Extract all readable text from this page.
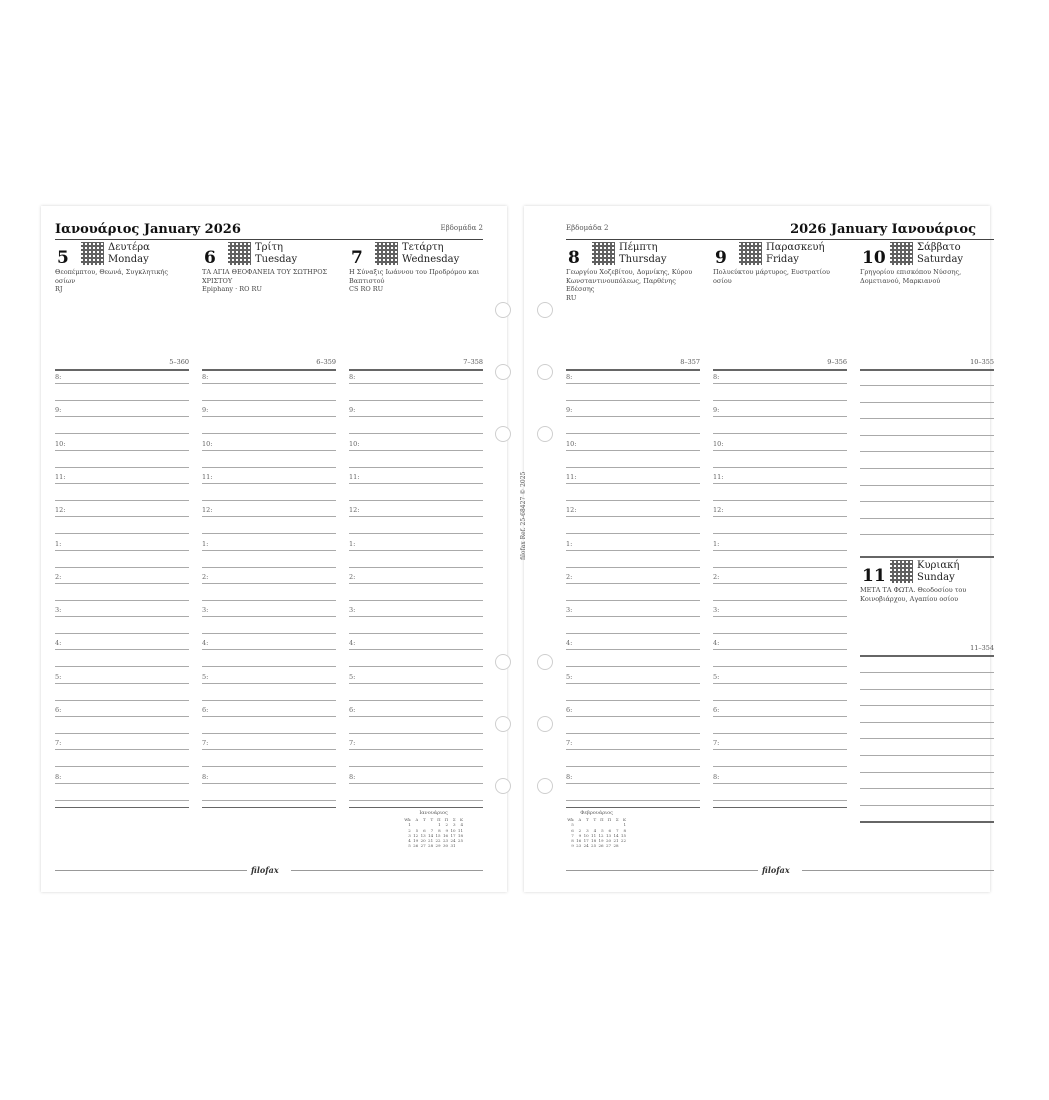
Ιανουάριος January 2026	Εβδομάδα 2
5
Δευτέρα
Monday
Θεοπέμπτου, Θεωνά, Συγκλητικής οσίων
RJ
5–360
8:
9:
10:
11:
12:
1:
2:
3:
4:
5:
6:
7:
8:
6
Τρίτη
Tuesday
ΤΑ ΑΓΙΑ ΘΕΟΦΑΝΕΙΑ ΤΟΥ ΣΩΤΗΡΟΣ ΧΡΙΣΤΟΥ
Epiphany · RO RU
6–359
8:
9:
10:
11:
12:
1:
2:
3:
4:
5:
6:
7:
8:
7
Τετάρτη
Wednesday
Η Σύναξις Ιωάννου του Προδρόμου και Βαπτιστού
CS RO RU
7–358
8:
9:
10:
11:
12:
1:
2:
3:
4:
5:
6:
7:
8:
Ιανουάριος
Wk	Δ	Τ	Τ	Π	Π	Σ	Κ
1				1	2	3	4
2	5	6	7	8	9	10	11
3	12	13	14	15	16	17	18
4	19	20	21	22	23	24	25
5	26	27	28	29	30	31	
filofax
Εβδομάδα 2	2026 January Ιανουάριος
8
Πέμπτη
Thursday
Γεωργίου Χοζεβίτου, Δομνίκης, Κύρου Κωνσταντινουπόλεως, Παρθένης Εδέσσης
RU
8–357
8:
9:
10:
11:
12:
1:
2:
3:
4:
5:
6:
7:
8:
9
Παρασκευή
Friday
Πολυεύκτου μάρτυρος, Ευστρατίου οσίου
9–356
8:
9:
10:
11:
12:
1:
2:
3:
4:
5:
6:
7:
8:
10
Σάββατο
Saturday
Γρηγορίου επισκόπου Νύσσης, Δομετιανού, Μαρκιανού
10–355
11
Κυριακή
Sunday
ΜΕΤΑ ΤΑ ΦΩΤΑ. Θεοδοσίου του Κοινοβιάρχου, Αγαπίου οσίου
11–354
Φεβρουάριος
Wk	Δ	Τ	Τ	Π	Π	Σ	Κ
5							1
6	2	3	4	5	6	7	8
7	9	10	11	12	13	14	15
8	16	17	18	19	20	21	22
9	23	24	25	26	27	28	
filofax
filofax Ref. 25-68427 © 2025
